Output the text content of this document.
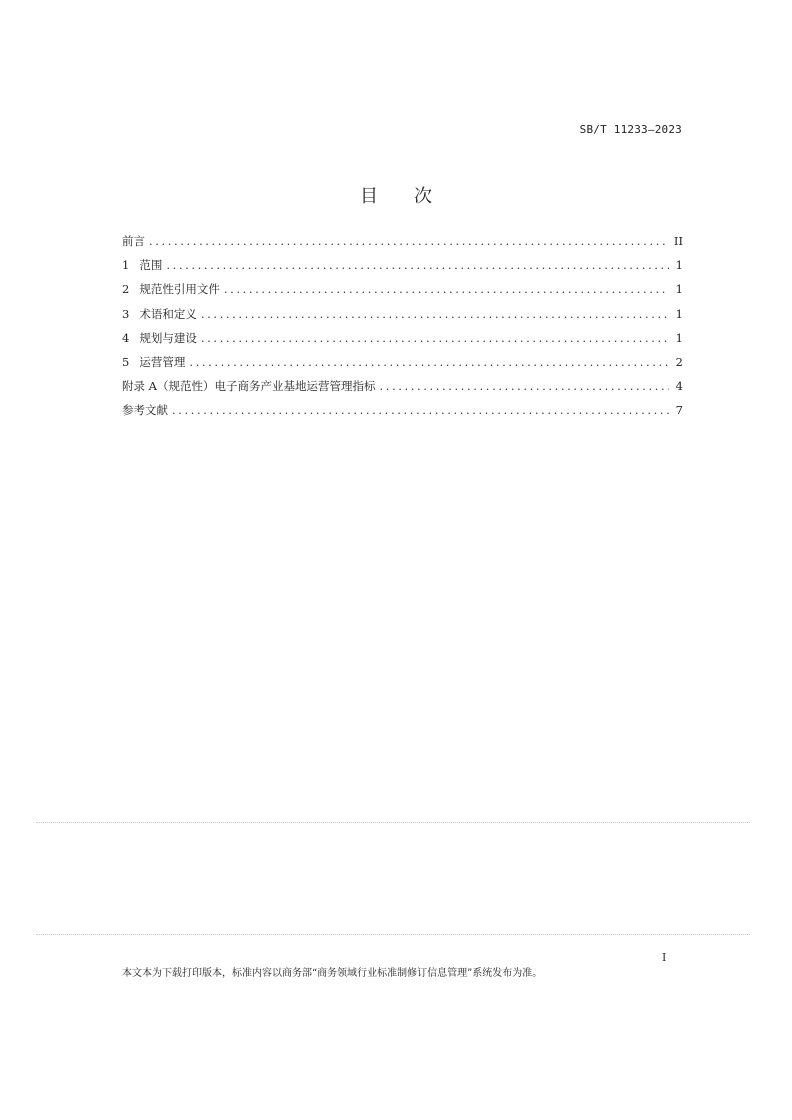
SB/T 11233—2023
目 次
前言 .....	II
1 范围 .....	1
2 规范性引用文件 .....	1
3 术语和定义 .....	1
4 规划与建设 .....	1
5 运营管理 .....	2
附录 A（规范性）电子商务产业基地运营管理指标 .....	4
参考文献 .....	7
I
本文本为下载打印版本，标准内容以商务部“商务领域行业标准制修订信息管理”系统发布为准。
